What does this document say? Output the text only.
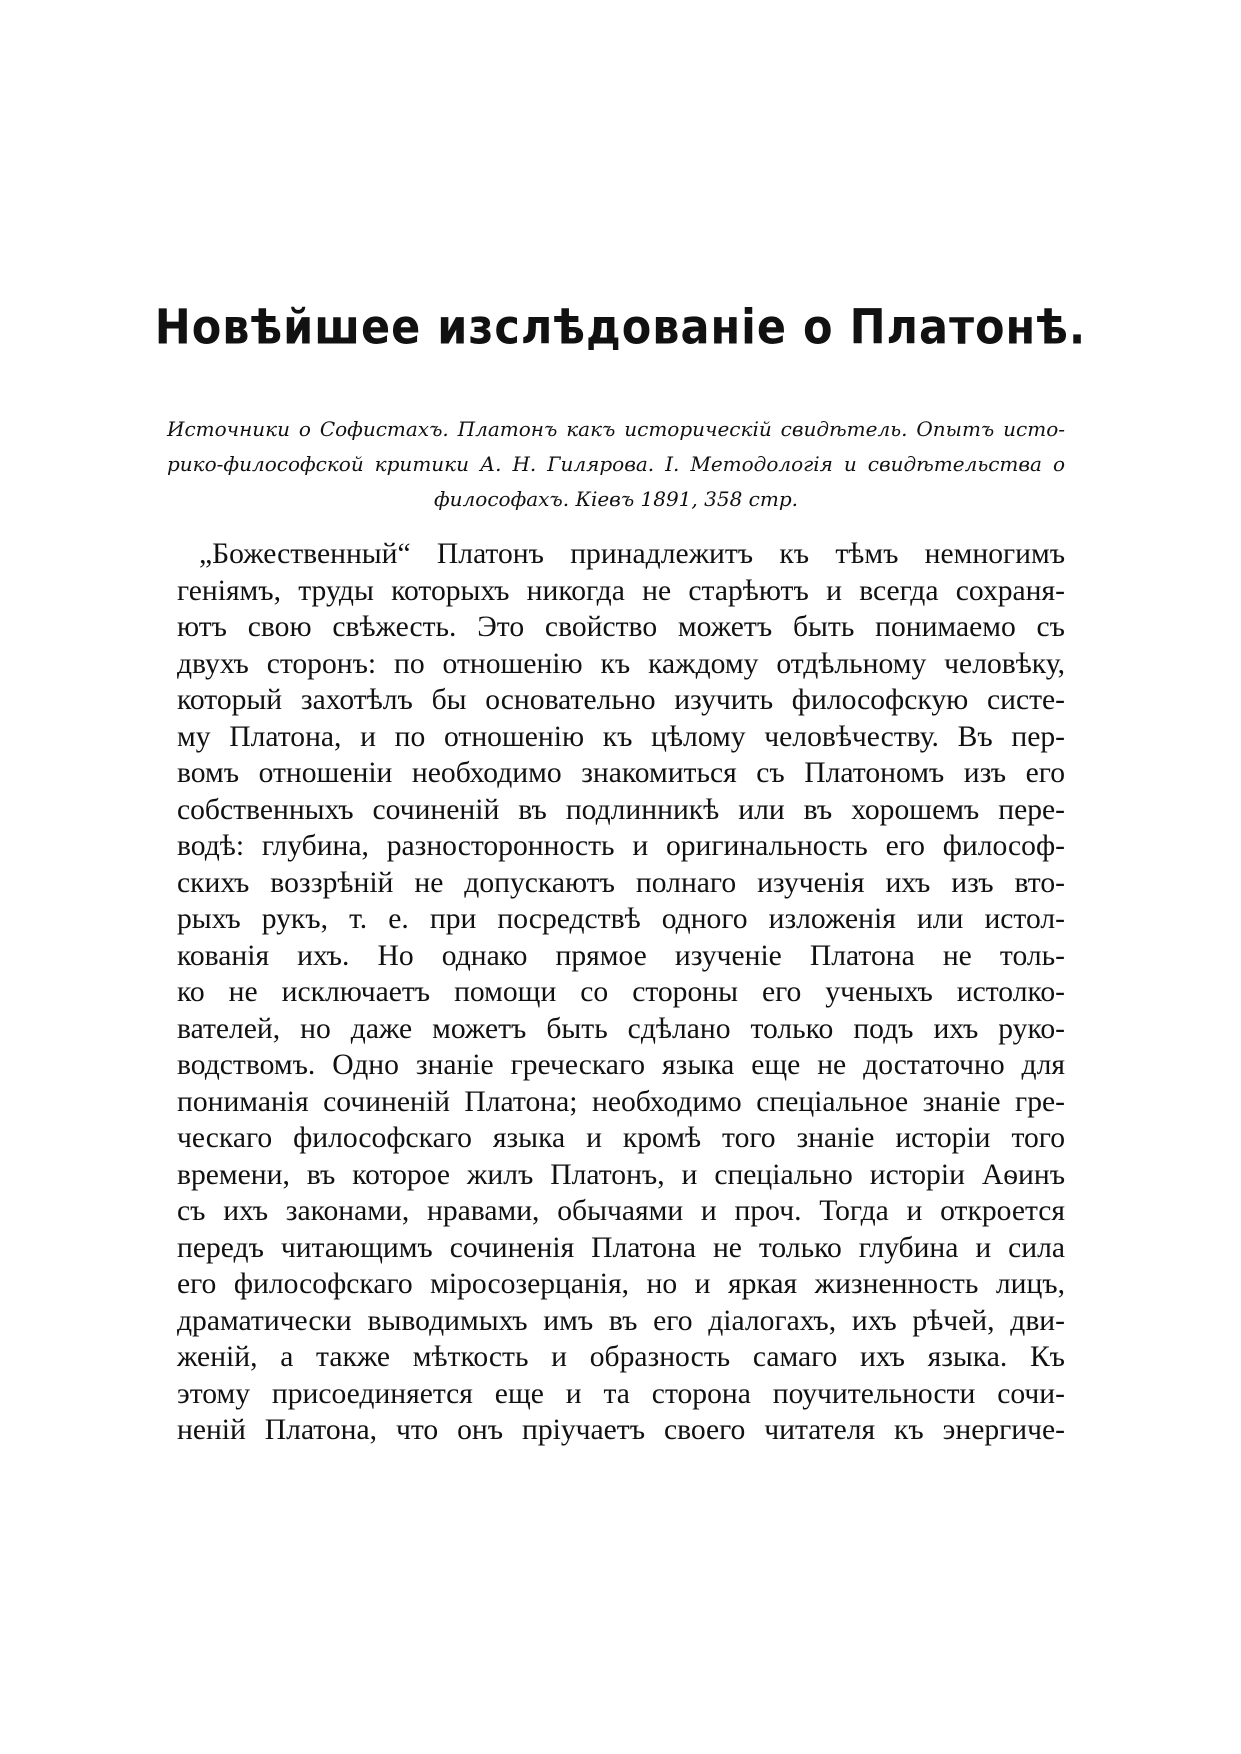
Новѣйшее изслѣдованіе о Платонѣ.
Источники о Софистахъ. Платонъ какъ историческій свидѣтель. Опытъ исто-
рико-философской критики А. Н. Гилярова. I. Методологія и свидѣтельства о
философахъ. Кіевъ 1891, 358 стр.
„Божественный“ Платонъ принадлежитъ къ тѣмъ немногимъ
геніямъ, труды которыхъ никогда не старѣютъ и всегда сохраня-
ютъ свою свѣжесть. Это свойство можетъ быть понимаемо съ
двухъ сторонъ: по отношенію къ каждому отдѣльному человѣку,
который захотѣлъ бы основательно изучить философскую систе-
му Платона, и по отношенію къ цѣлому человѣчеству. Въ пер-
вомъ отношеніи необходимо знакомиться съ Платономъ изъ его
собственныхъ сочиненій въ подлинникѣ или въ хорошемъ пере-
водѣ: глубина, разносторонность и оригинальность его философ-
скихъ воззрѣній не допускаютъ полнаго изученія ихъ изъ вто-
рыхъ рукъ, т. е. при посредствѣ одного изложенія или истол-
кованія ихъ. Но однако прямое изученіе Платона не толь-
ко не исключаетъ помощи со стороны его ученыхъ истолко-
вателей, но даже можетъ быть сдѣлано только подъ ихъ руко-
водствомъ. Одно знаніе греческаго языка еще не достаточно для
пониманія сочиненій Платона; необходимо спеціальное знаніе гре-
ческаго философскаго языка и кромѣ того знаніе исторіи того
времени, въ которое жилъ Платонъ, и спеціально исторіи Аѳинъ
съ ихъ законами, нравами, обычаями и проч. Тогда и откроется
передъ читающимъ сочиненія Платона не только глубина и сила
его философскаго міросозерцанія, но и яркая жизненность лицъ,
драматически выводимыхъ имъ въ его діалогахъ, ихъ рѣчей, дви-
женій, а также мѣткость и образность самаго ихъ языка. Къ
этому присоединяется еще и та сторона поучительности сочи-
неній Платона, что онъ пріучаетъ своего читателя къ энергиче-
